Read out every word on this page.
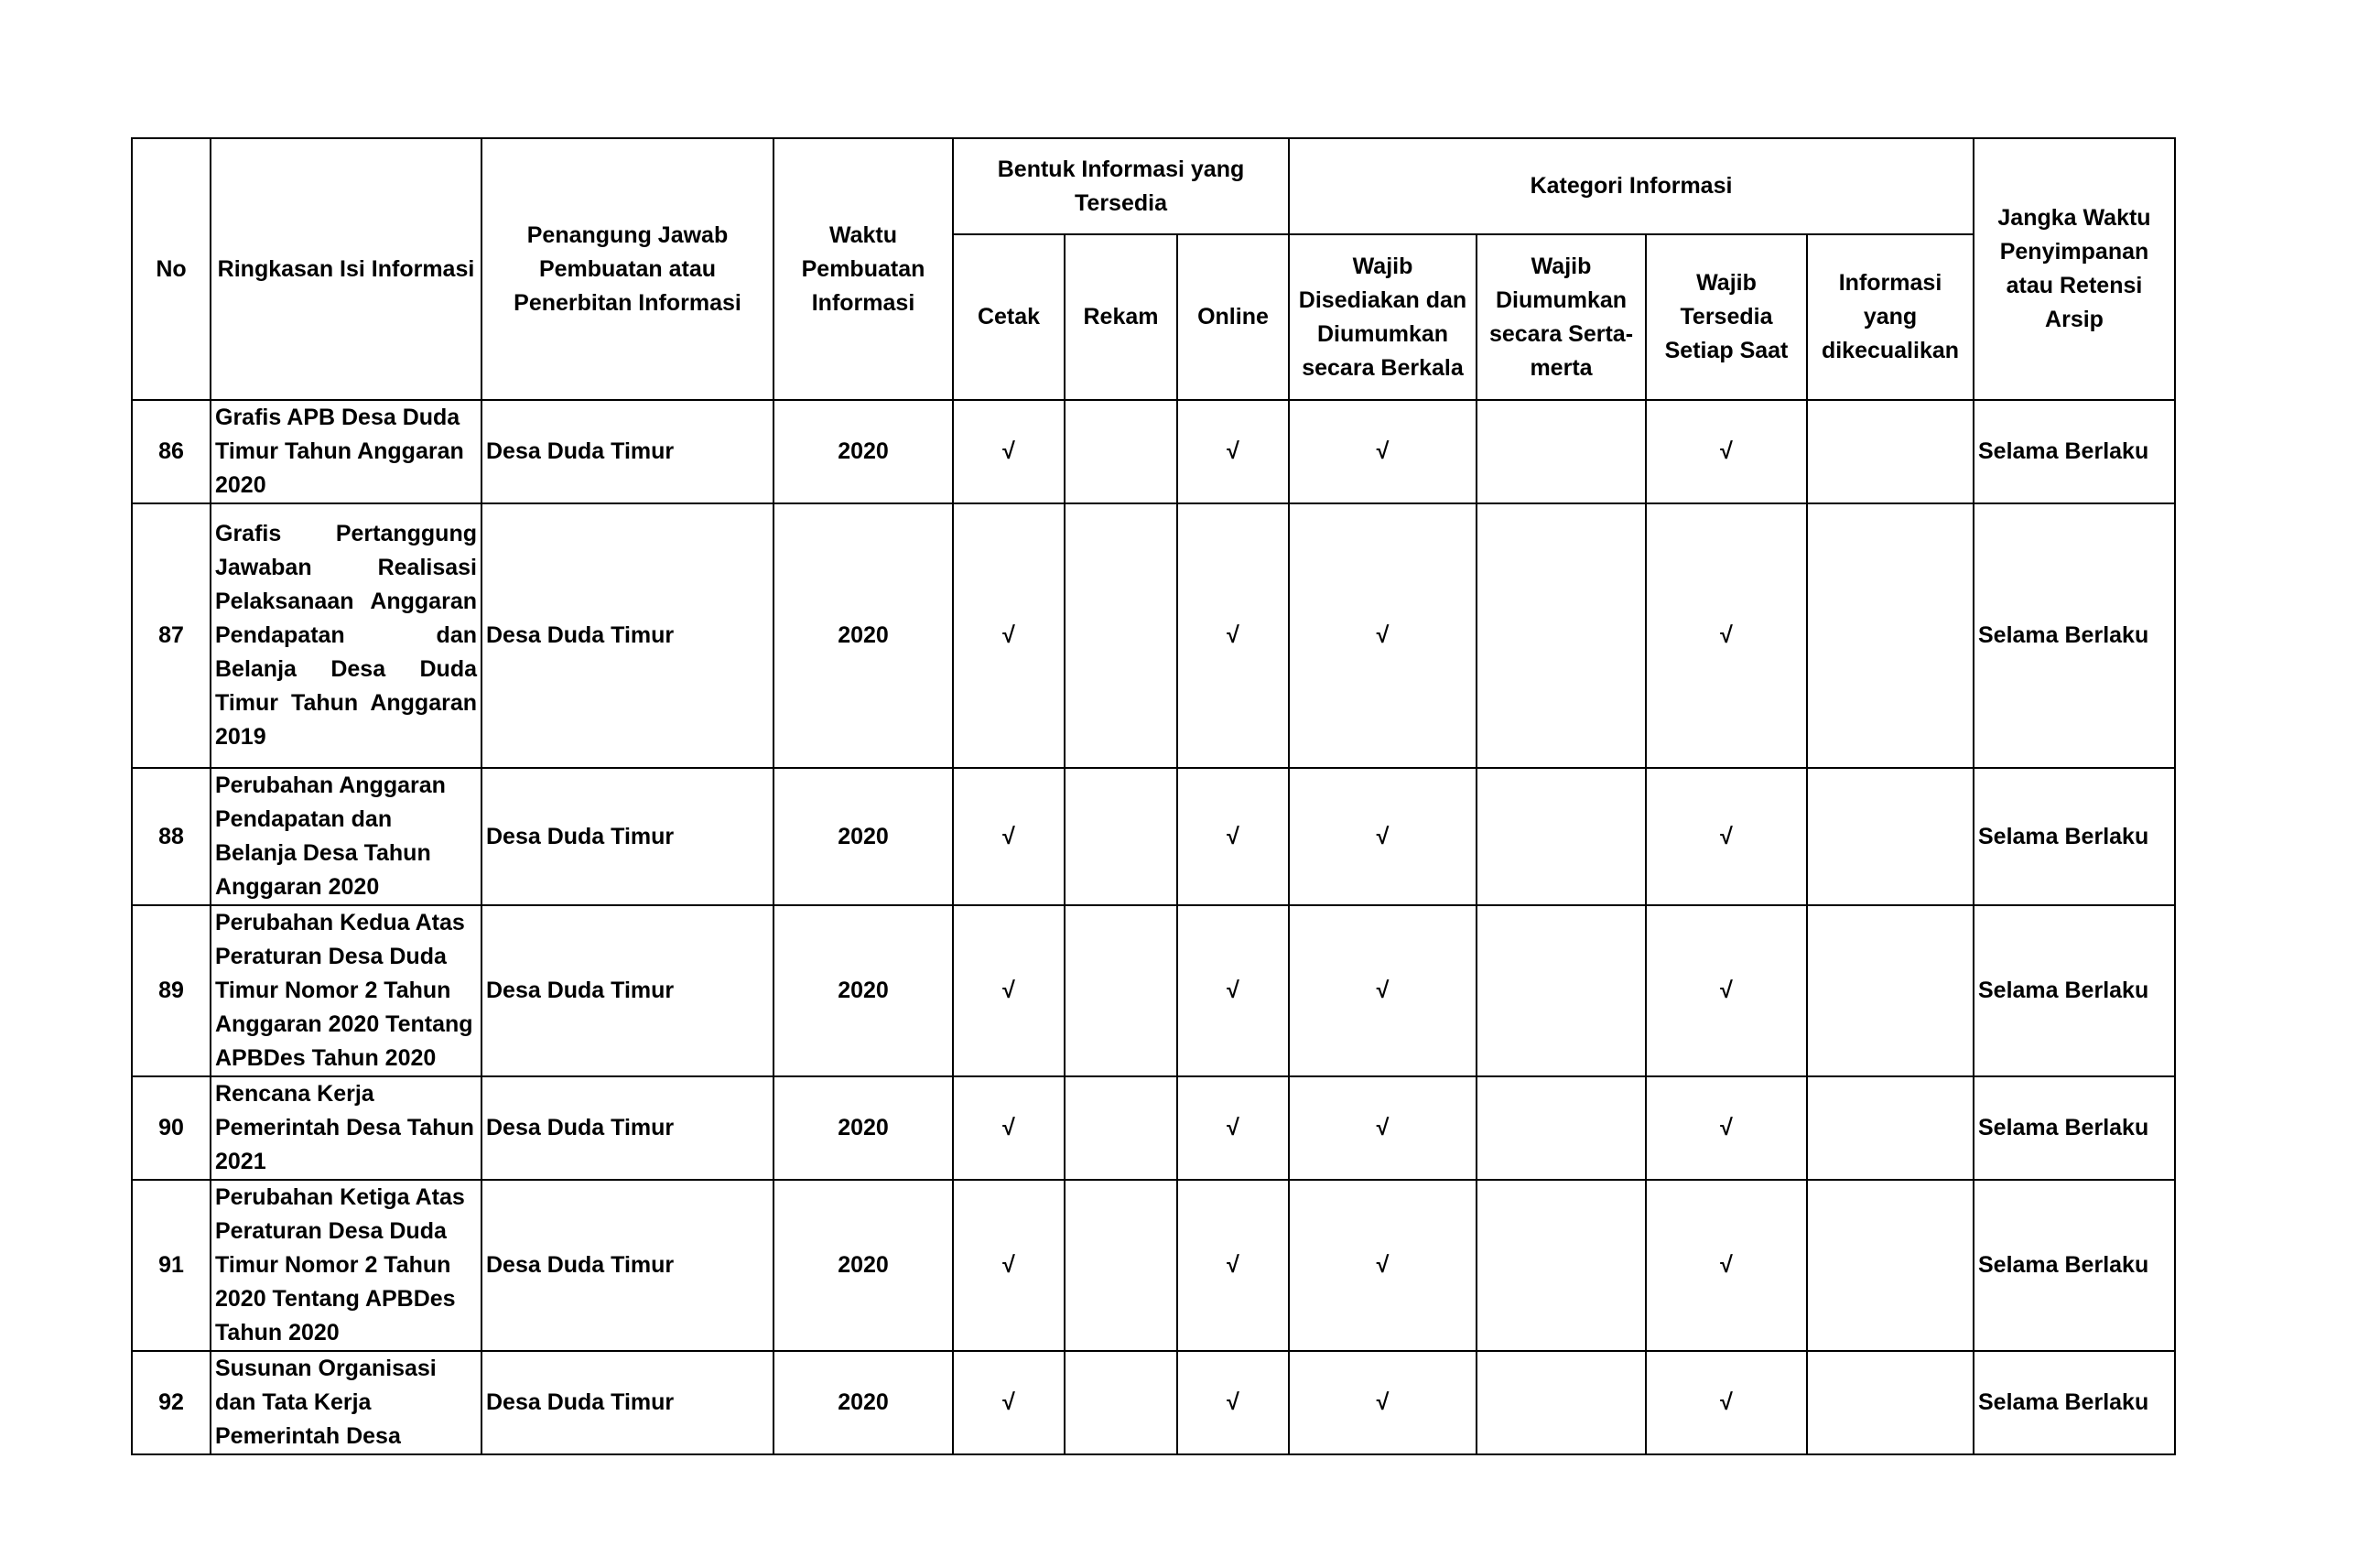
No	Ringkasan Isi Informasi	Penangung Jawab Pembuatan atau Penerbitan Informasi	Waktu Pembuatan Informasi	Bentuk Informasi yang Tersedia			Kategori Informasi				Jangka Waktu Penyimpanan atau Retensi Arsip
				Cetak	Rekam	Online	Wajib Disediakan dan Diumumkan secara Berkala	Wajib Diumumkan secara Serta-merta	Wajib Tersedia Setiap Saat	Informasi yang dikecualikan	
86	Grafis APB Desa Duda Timur Tahun Anggaran 2020	Desa Duda Timur	2020	√		√	√		√		Selama Berlaku
87	Grafis Pertanggung Jawaban Realisasi Pelaksanaan Anggaran Pendapatan dan Belanja Desa Duda Timur Tahun Anggaran 2019	Desa Duda Timur	2020	√		√	√		√		Selama Berlaku
88	Perubahan Anggaran Pendapatan dan Belanja Desa Tahun Anggaran 2020	Desa Duda Timur	2020	√		√	√		√		Selama Berlaku
89	Perubahan Kedua Atas Peraturan Desa Duda Timur Nomor 2 Tahun Anggaran 2020 Tentang APBDes Tahun 2020	Desa Duda Timur	2020	√		√	√		√		Selama Berlaku
90	Rencana Kerja Pemerintah Desa Tahun 2021	Desa Duda Timur	2020	√		√	√		√		Selama Berlaku
91	Perubahan Ketiga Atas Peraturan Desa Duda Timur Nomor 2 Tahun 2020 Tentang APBDes Tahun 2020	Desa Duda Timur	2020	√		√	√		√		Selama Berlaku
92	Susunan Organisasi dan Tata Kerja Pemerintah Desa	Desa Duda Timur	2020	√		√	√		√		Selama Berlaku
